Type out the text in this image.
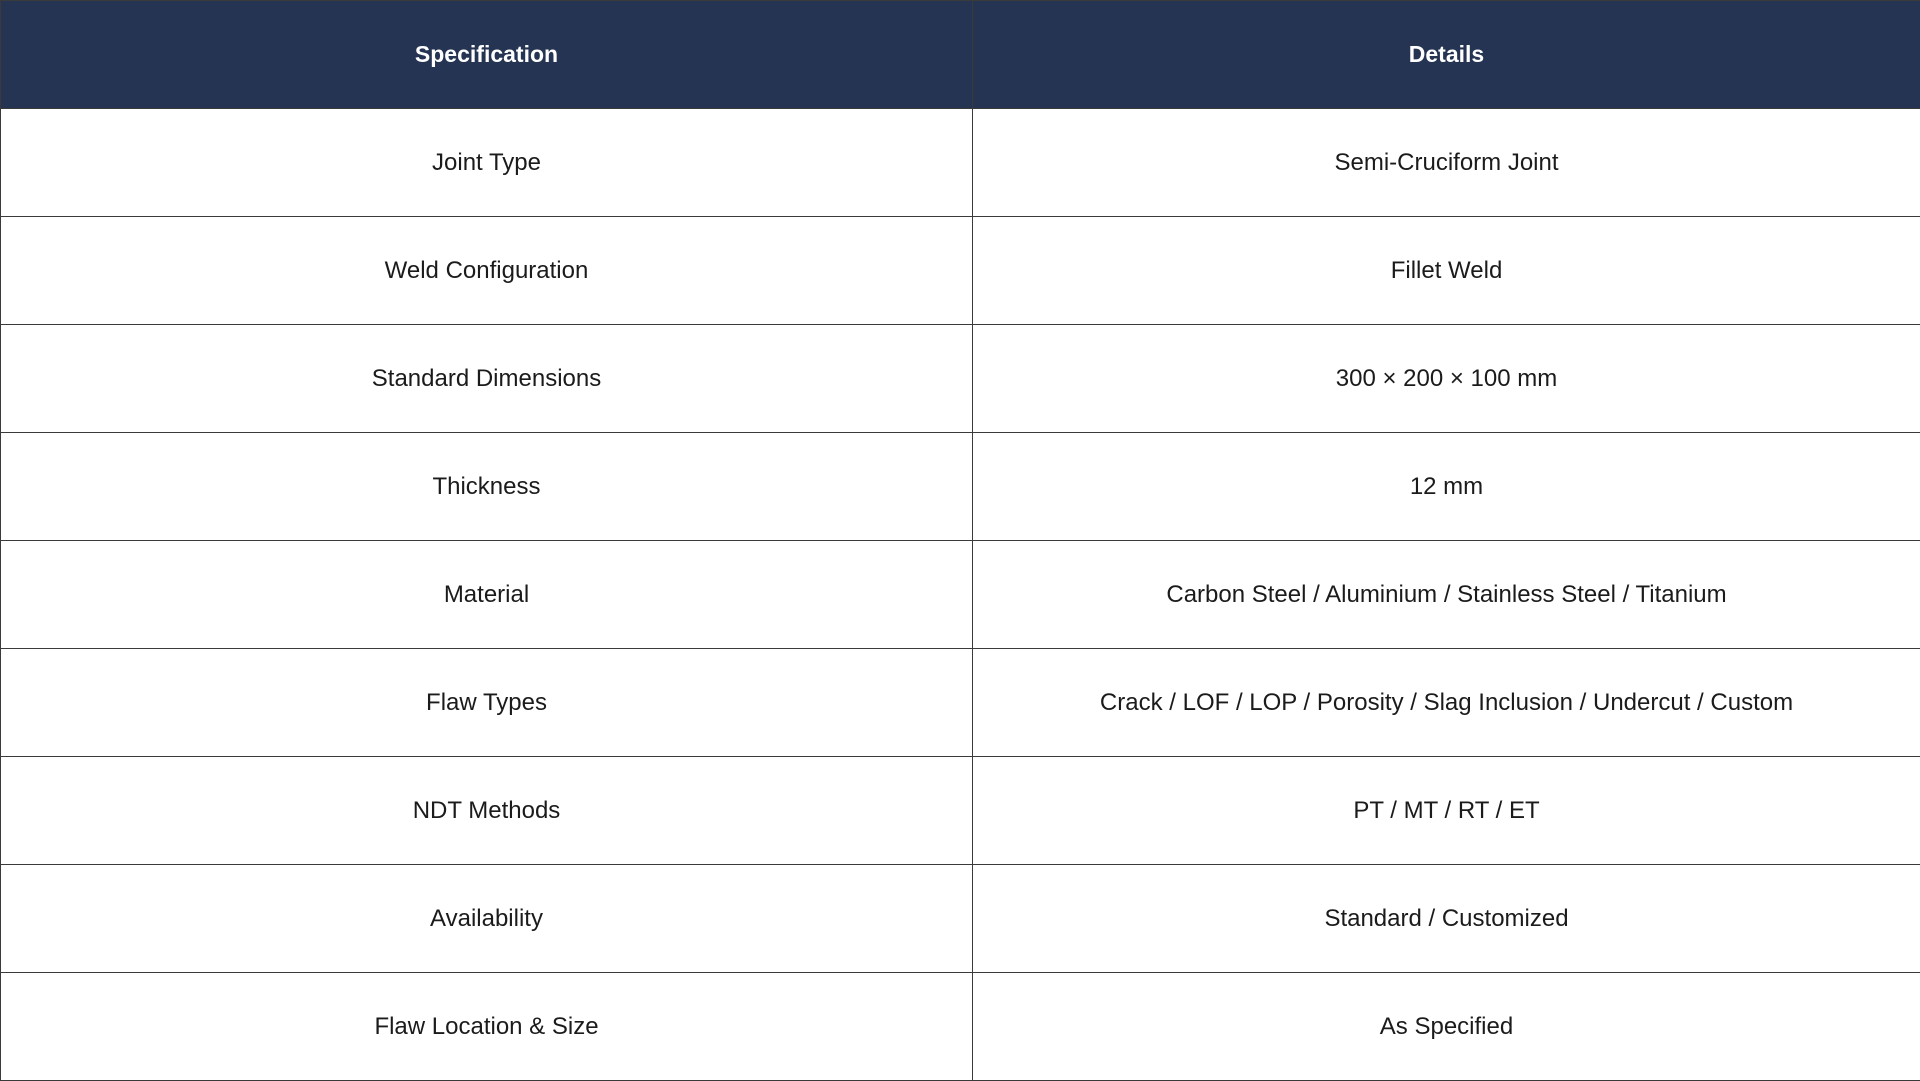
Specification	Details
Joint Type	Semi-Cruciform Joint
Weld Configuration	Fillet Weld
Standard Dimensions	300 × 200 × 100 mm
Thickness	12 mm
Material	Carbon Steel / Aluminium / Stainless Steel / Titanium
Flaw Types	Crack / LOF / LOP / Porosity / Slag Inclusion / Undercut / Custom
NDT Methods	PT / MT / RT / ET
Availability	Standard / Customized
Flaw Location & Size	As Specified
